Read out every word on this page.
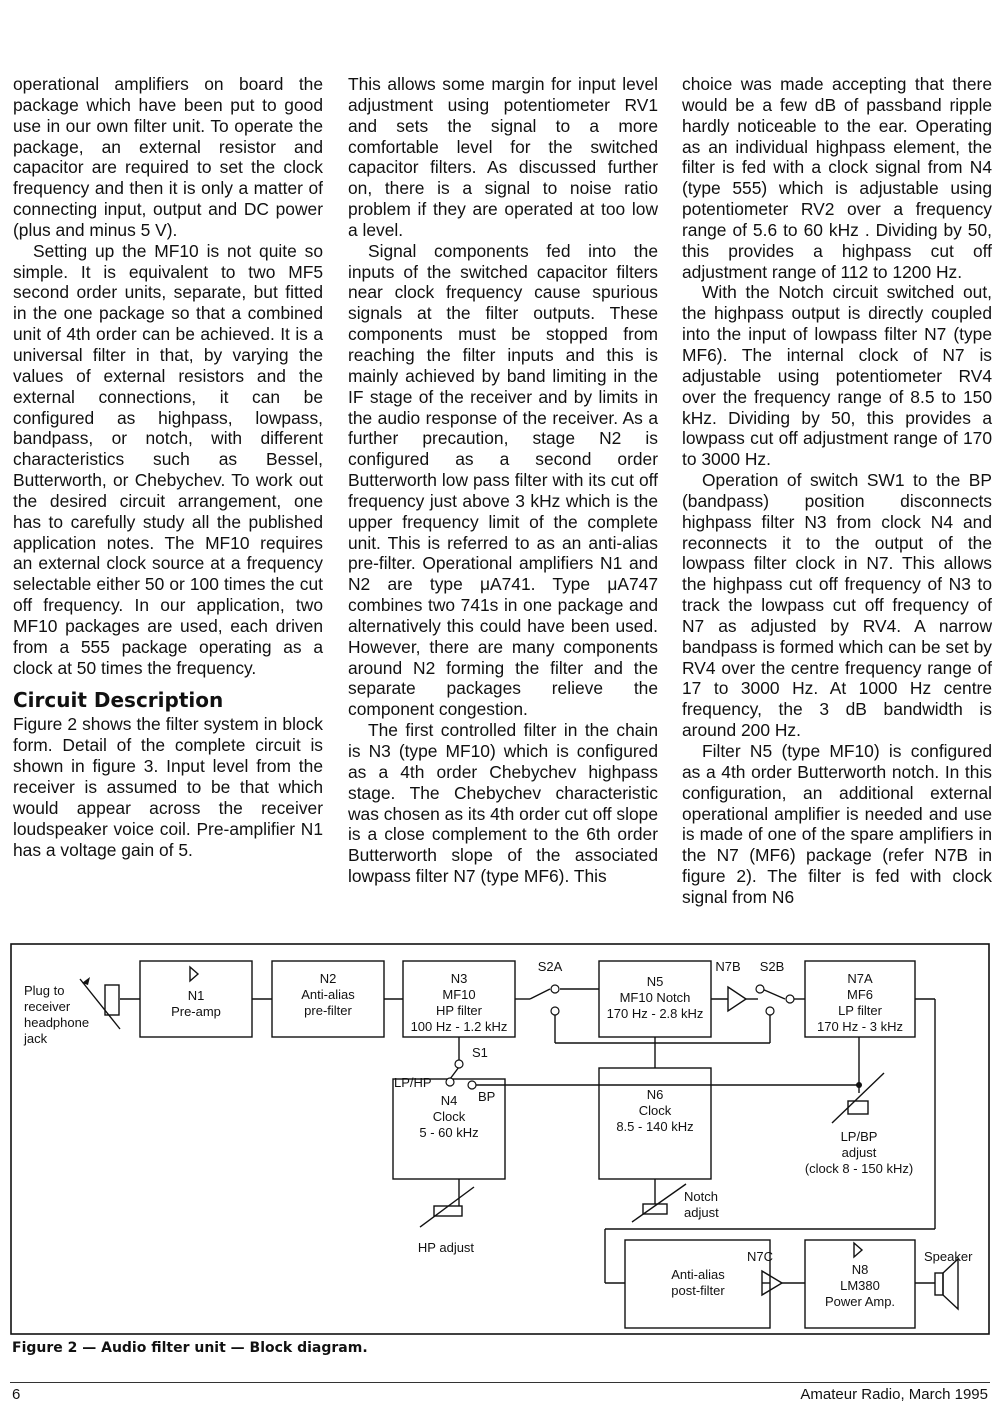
operational amplifiers on board the package which have been put to good use in our own filter unit. To operate the package, an external resistor and capacitor are required to set the clock frequency and then it is only a matter of connecting input, output and DC power (plus and minus 5 V).

Setting up the MF10 is not quite so simple. It is equivalent to two MF5 second order units, separate, but fitted in the one package so that a combined unit of 4th order can be achieved. It is a universal filter in that, by varying the values of external resistors and the external connections, it can be configured as highpass, lowpass, bandpass, or notch, with different characteristics such as Bessel, Butterworth, or Chebychev. To work out the desired circuit arrangement, one has to carefully study all the published application notes. The MF10 requires an external clock source at a frequency selectable either 50 or 100 times the cut off frequency. In our application, two MF10 packages are used, each driven from a 555 package operating as a clock at 50 times the frequency.

Circuit Description

Figure 2 shows the filter system in block form. Detail of the complete circuit is shown in figure 3. Input level from the receiver is assumed to be that which would appear across the receiver loudspeaker voice coil. Pre-amplifier N1 has a voltage gain of 5.

This allows some margin for input level adjustment using potentiometer RV1 and sets the signal to a more comfortable level for the switched capacitor filters. As discussed further on, there is a signal to noise ratio problem if they are operated at too low a level.

Signal components fed into the inputs of the switched capacitor filters near clock frequency cause spurious signals at the filter outputs. These components must be stopped from reaching the filter inputs and this is mainly achieved by band limiting in the IF stage of the receiver and by limits in the audio response of the receiver. As a further precaution, stage N2 is configured as a second order Butterworth low pass filter with its cut off frequency just above 3 kHz which is the upper frequency limit of the complete unit. This is referred to as an anti-alias pre-filter. Operational amplifiers N1 and N2 are type μA741. Type μA747 combines two 741s in one package and alternatively this could have been used. However, there are many components around N2 forming the filter and the separate packages relieve the component congestion.

The first controlled filter in the chain is N3 (type MF10) which is configured as a 4th order Chebychev highpass stage. The Chebychev characteristic was chosen as its 4th order cut off slope is a close complement to the 6th order Butterworth slope of the associated lowpass filter N7 (type MF6). This

choice was made accepting that there would be a few dB of passband ripple hardly noticeable to the ear. Operating as an individual highpass element, the filter is fed with a clock signal from N4 (type 555) which is adjustable using potentiometer RV2 over a frequency range of 5.6 to 60 kHz . Dividing by 50, this provides a highpass cut off adjustment range of 112 to 1200 Hz.

With the Notch circuit switched out, the highpass output is directly coupled into the input of lowpass filter N7 (type MF6). The internal clock of N7 is adjustable using potentiometer RV4 over the frequency range of 8.5 to 150 kHz. Dividing by 50, this provides a lowpass cut off adjustment range of 170 to 3000 Hz.

Operation of switch SW1 to the BP (bandpass) position disconnects highpass filter N3 from clock N4 and reconnects it to the output of the lowpass filter clock in N7. This allows the highpass cut off frequency of N3 to track the lowpass cut off frequency of N7 as adjusted by RV4. A narrow bandpass is formed which can be set by RV4 over the centre frequency range of 17 to 3000 Hz. At 1000 Hz centre frequency, the 3 dB bandwidth is around 200 Hz.

Filter N5 (type MF10) is configured as a 4th order Butterworth notch. In this configuration, an additional external operational amplifier is needed and use is made of one of the spare amplifiers in the N7 (MF6) package (refer N7B in figure 2). The filter is fed with clock signal from N6

Plug to
receiver
headphone
jack
N1
Pre-amp
N2
Anti-alias
pre-filter
N3
MF10
HP filter
100 Hz - 1.2 kHz
S2A
N5
MF10 Notch
170 Hz - 2.8 kHz
N7B S2B
N7A
MF6
LP filter
170 Hz - 3 kHz
S1
LP/HP
BP
N4
Clock
5 - 60 kHz
N6
Clock
8.5 - 140 kHz
LP/BP
adjust
(clock 8 - 150 kHz)
HP adjust
Notch
adjust
Anti-alias
post-filter
N7C
N8
LM380
Power Amp.
Speaker
Figure 2 — Audio filter unit — Block diagram.
6	Amateur Radio, March 1995
